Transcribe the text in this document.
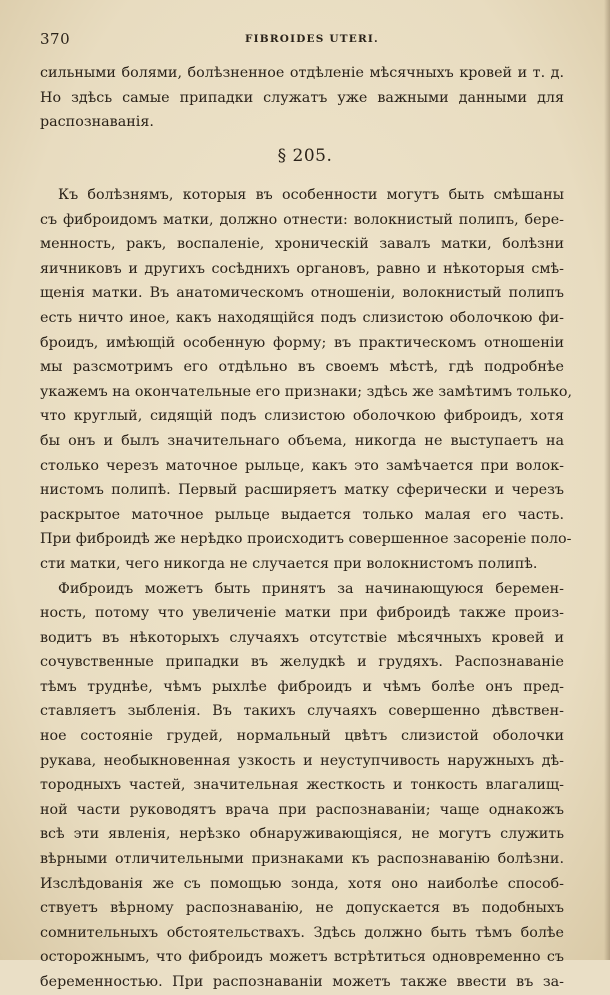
370	FIBROIDES UTERI.
сильными болями, болѣзненное отдѣленіе мѣсячныхъ кровей и т. д.
Но здѣсь самые припадки служатъ уже важными данными для
распознаванія.
§ 205.
Къ болѣзнямъ, которыя въ особенности могутъ быть смѣшаны
съ фиброидомъ матки, должно отнести: волокнистый полипъ, бере-
менность, ракъ, воспаленіе, хроническій завалъ матки, болѣзни
яичниковъ и другихъ сосѣднихъ органовъ, равно и нѣкоторыя смѣ-
щенія матки. Въ анатомическомъ отношеніи, волокнистый полипъ
есть ничто иное, какъ находящійся подъ слизистою оболочкою фи-
броидъ, имѣющій особенную форму; въ практическомъ отношеніи
мы разсмотримъ его отдѣльно въ своемъ мѣстѣ, гдѣ подробнѣе
укажемъ на окончательные его признаки; здѣсь же замѣтимъ только,
что круглый, сидящій подъ слизистою оболочкою фиброидъ, хотя
бы онъ и былъ значительнаго объема, никогда не выступаетъ на
столько черезъ маточное рыльце, какъ это замѣчается при волок-
нистомъ полипѣ. Первый расширяетъ матку сферически и черезъ
раскрытое маточное рыльце выдается только малая его часть.
При фиброидѣ же нерѣдко происходитъ совершенное засореніе поло-
сти матки, чего никогда не случается при волокнистомъ полипѣ.
Фиброидъ можетъ быть принятъ за начинающуюся беремен-
ность, потому что увеличеніе матки при фиброидѣ также произ-
водитъ въ нѣкоторыхъ случаяхъ отсутствіе мѣсячныхъ кровей и
сочувственные припадки въ желудкѣ и грудяхъ. Распознаваніе
тѣмъ труднѣе, чѣмъ рыхлѣе фиброидъ и чѣмъ болѣе онъ пред-
ставляетъ зыбленія. Въ такихъ случаяхъ совершенно дѣвствен-
ное состояніе грудей, нормальный цвѣтъ слизистой оболочки
рукава, необыкновенная узкость и неуступчивость наружныхъ дѣ-
тородныхъ частей, значительная жесткость и тонкость влагалищ-
ной части руководятъ врача при распознаваніи; чаще однакожъ
всѣ эти явленія, нерѣзко обнаруживающіяся, не могутъ служить
вѣрными отличительными признаками къ распознаванію болѣзни.
Изслѣдованія же съ помощью зонда, хотя оно наиболѣе способ-
ствуетъ вѣрному распознаванію, не допускается въ подобныхъ
сомнительныхъ обстоятельствахъ. Здѣсь должно быть тѣмъ болѣе
осторожнымъ, что фиброидъ можетъ встрѣтиться одновременно съ
беременностью. При распознаваніи можетъ также ввести въ за-
